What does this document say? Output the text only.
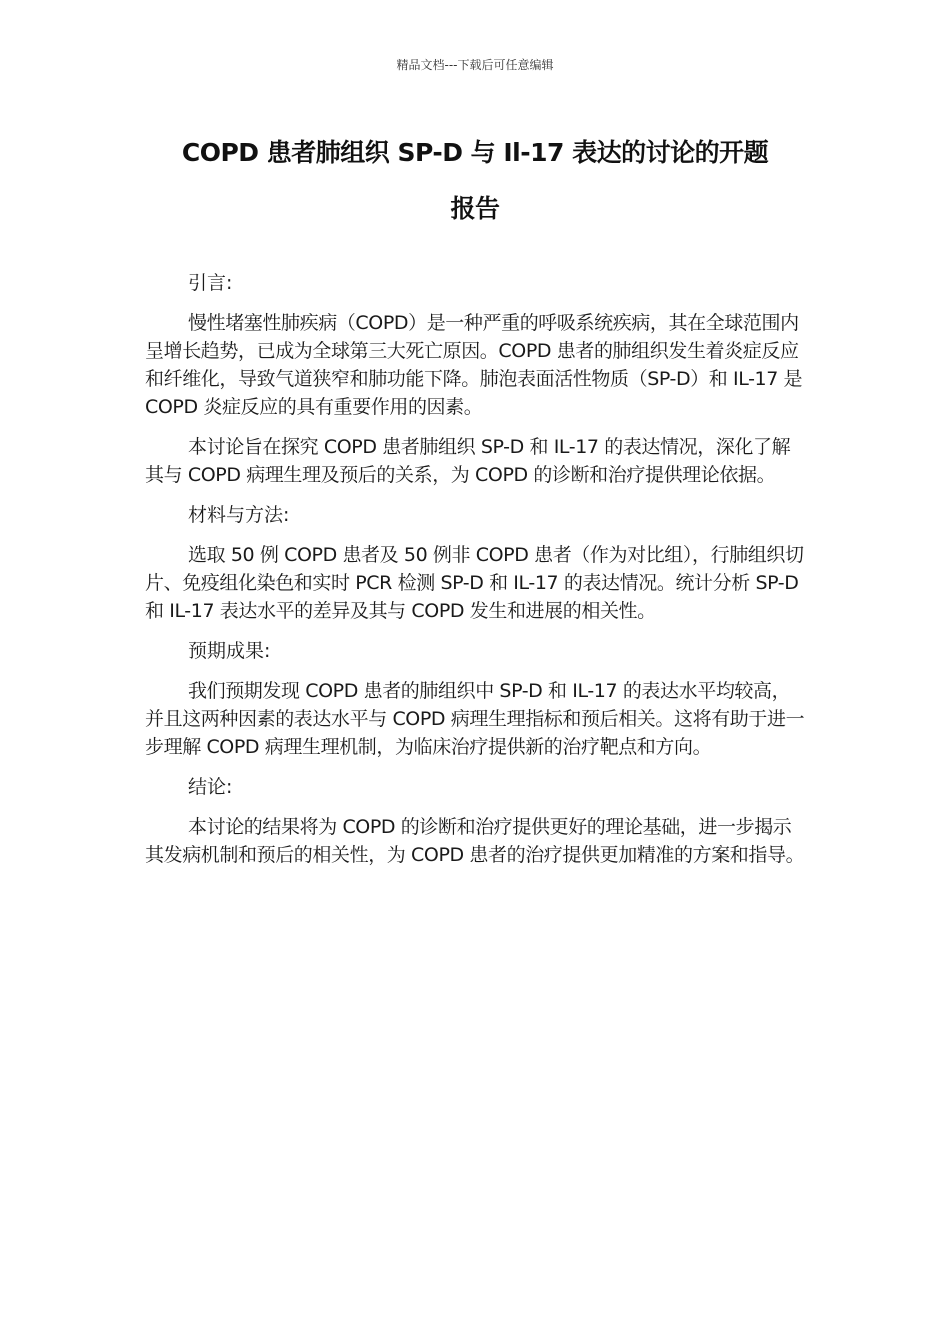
精品文档---下载后可任意编辑
COPD 患者肺组织 SP-D 与 Il-17 表达的讨论的开题
报告

引言:

慢性堵塞性肺疾病（COPD）是一种严重的呼吸系统疾病，其在全球范围内呈增长趋势，已成为全球第三大死亡原因。COPD 患者的肺组织发生着炎症反应和纤维化，导致气道狭窄和肺功能下降。肺泡表面活性物质（SP-D）和 IL-17 是 COPD 炎症反应的具有重要作用的因素。

本讨论旨在探究 COPD 患者肺组织 SP-D 和 IL-17 的表达情况，深化了解其与 COPD 病理生理及预后的关系，为 COPD 的诊断和治疗提供理论依据。

材料与方法:

选取 50 例 COPD 患者及 50 例非 COPD 患者（作为对比组），行肺组织切片、免疫组化染色和实时 PCR 检测 SP-D 和 IL-17 的表达情况。统计分析 SP-D 和 IL-17 表达水平的差异及其与 COPD 发生和进展的相关性。

预期成果:

我们预期发现 COPD 患者的肺组织中 SP-D 和 IL-17 的表达水平均较高，并且这两种因素的表达水平与 COPD 病理生理指标和预后相关。这将有助于进一步理解 COPD 病理生理机制，为临床治疗提供新的治疗靶点和方向。

结论:

本讨论的结果将为 COPD 的诊断和治疗提供更好的理论基础，进一步揭示其发病机制和预后的相关性，为 COPD 患者的治疗提供更加精准的方案和指导。
